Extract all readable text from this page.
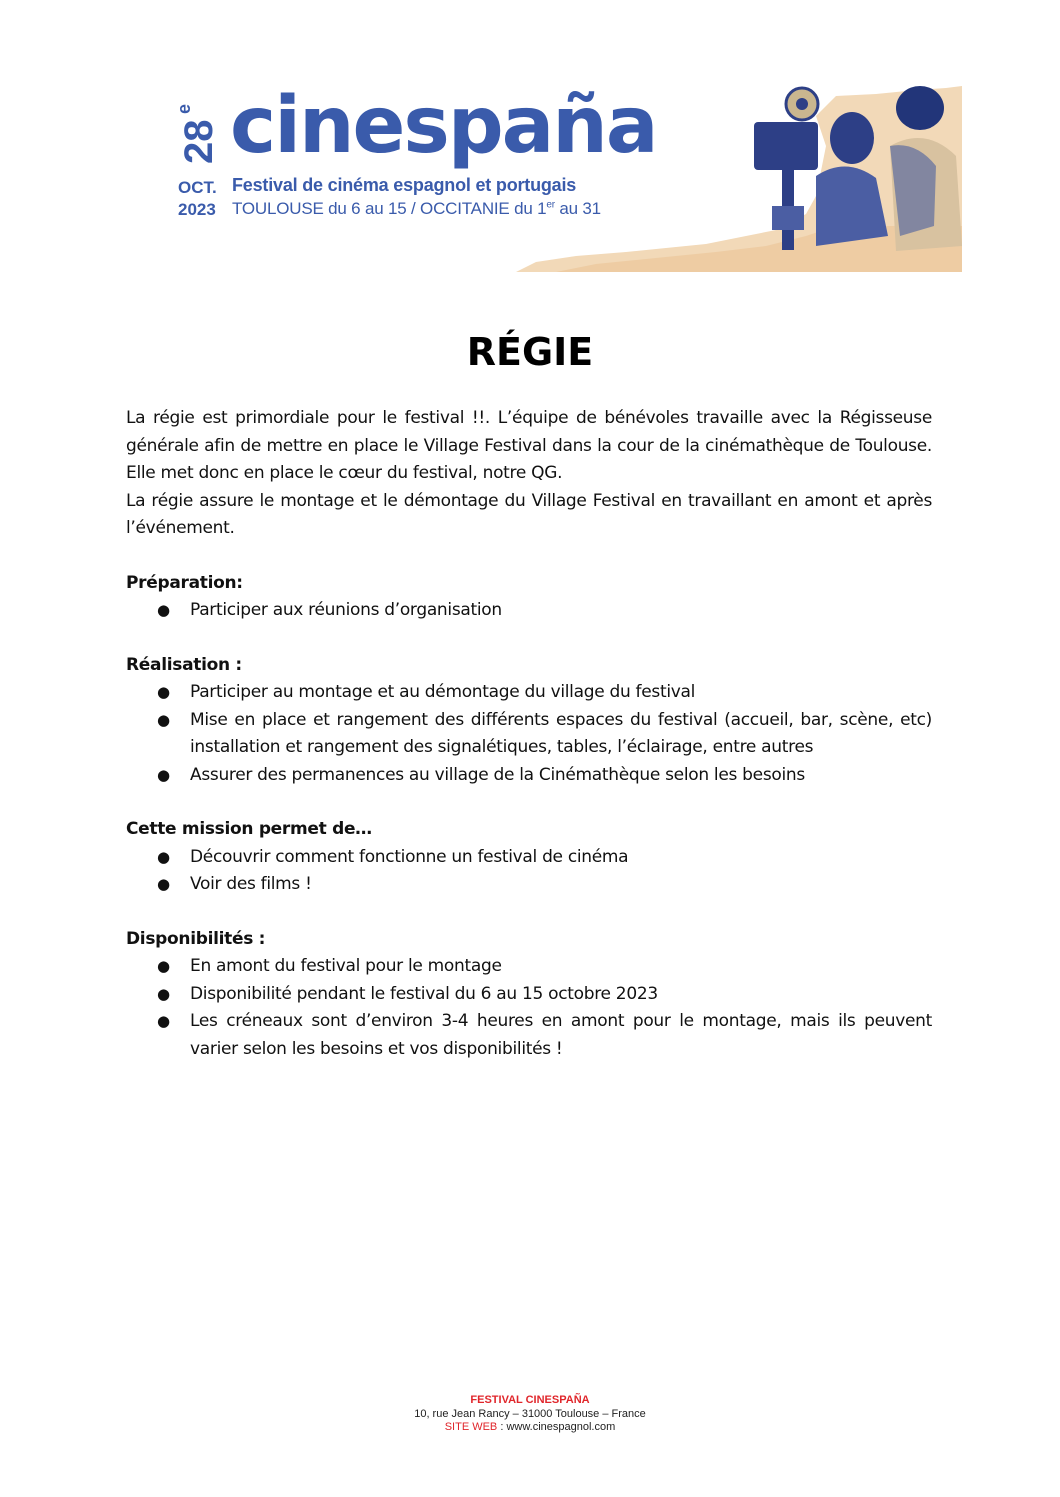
28
e cinespaña
OCT.
2023
Festival de cinéma espagnol et portugais
TOULOUSE du 6 au 15 / OCCITANIE du 1er au 31
RÉGIE

La régie est primordiale pour le festival !!. L’équipe de bénévoles travaille avec la Régisseuse générale afin de mettre en place le Village Festival dans la cour de la cinémathèque de Toulouse. Elle met donc en place le cœur du festival, notre QG.

La régie assure le montage et le démontage du Village Festival en travaillant en amont et après l’événement.

Préparation:

● Participer aux réunions d’organisation

Réalisation :

● Participer au montage et au démontage du village du festival
● Mise en place et rangement des différents espaces du festival (accueil, bar, scène, etc) installation et rangement des signalétiques, tables, l’éclairage, entre autres
● Assurer des permanences au village de la Cinémathèque selon les besoins

Cette mission permet de…

● Découvrir comment fonctionne un festival de cinéma
● Voir des films !

Disponibilités :

● En amont du festival pour le montage
● Disponibilité pendant le festival du 6 au 15 octobre 2023
● Les créneaux sont d’environ 3-4 heures en amont pour le montage, mais ils peuvent varier selon les besoins et vos disponibilités !
FESTIVAL CINESPAÑA
10, rue Jean Rancy – 31000 Toulouse – France
SITE WEB : www.cinespagnol.com
